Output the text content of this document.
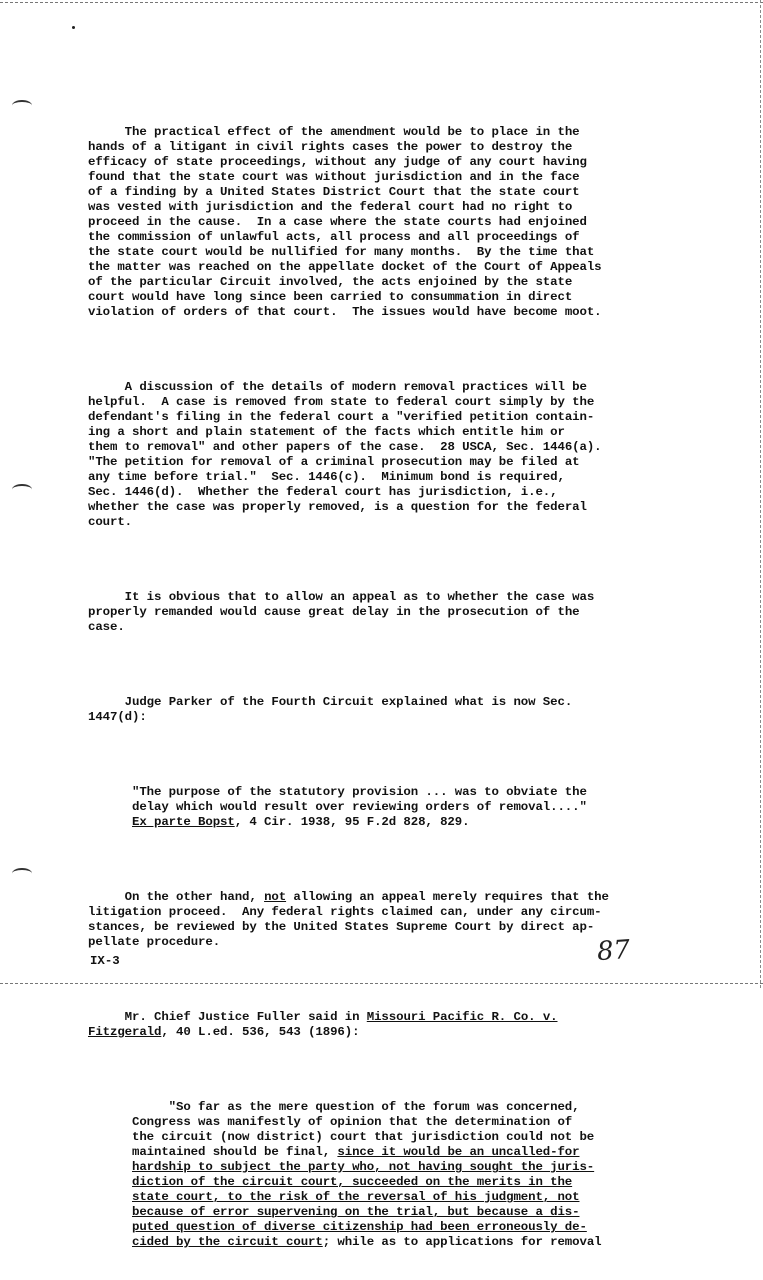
The practical effect of the amendment would be to place in the
hands of a litigant in civil rights cases the power to destroy the
efficacy of state proceedings, without any judge of any court having
found that the state court was without jurisdiction and in the face
of a finding by a United States District Court that the state court
was vested with jurisdiction and the federal court had no right to
proceed in the cause.  In a case where the state courts had enjoined
the commission of unlawful acts, all process and all proceedings of
the state court would be nullified for many months.  By the time that
the matter was reached on the appellate docket of the Court of Appeals
of the particular Circuit involved, the acts enjoined by the state
court would have long since been carried to consummation in direct
violation of orders of that court.  The issues would have become moot.

A discussion of the details of modern removal practices will be
helpful.  A case is removed from state to federal court simply by the
defendant's filing in the federal court a "verified petition contain-
ing a short and plain statement of the facts which entitle him or
them to removal" and other papers of the case.  28 USCA, Sec. 1446(a).
"The petition for removal of a criminal prosecution may be filed at
any time before trial."  Sec. 1446(c).  Minimum bond is required,
Sec. 1446(d).  Whether the federal court has jurisdiction, i.e.,
whether the case was properly removed, is a question for the federal
court.

It is obvious that to allow an appeal as to whether the case was
properly remanded would cause great delay in the prosecution of the
case.

Judge Parker of the Fourth Circuit explained what is now Sec.
1447(d):

"The purpose of the statutory provision ... was to obviate the
delay which would result over reviewing orders of removal...."
Ex parte Bopst, 4 Cir. 1938, 95 F.2d 828, 829.

On the other hand, not allowing an appeal merely requires that the
litigation proceed.  Any federal rights claimed can, under any circum-
stances, be reviewed by the United States Supreme Court by direct ap-
pellate procedure.

Mr. Chief Justice Fuller said in Missouri Pacific R. Co. v.
Fitzgerald, 40 L.ed. 536, 543 (1896):

"So far as the mere question of the forum was concerned,
Congress was manifestly of opinion that the determination of
the circuit (now district) court that jurisdiction could not be
maintained should be final, since it would be an uncalled-for
hardship to subject the party who, not having sought the juris-
diction of the circuit court, succeeded on the merits in the
state court, to the risk of the reversal of his judgment, not
because of error supervening on the trial, but because a dis-
puted question of diverse citizenship had been erroneously de-
cided by the circuit court; while as to applications for removal

IX-3	87
